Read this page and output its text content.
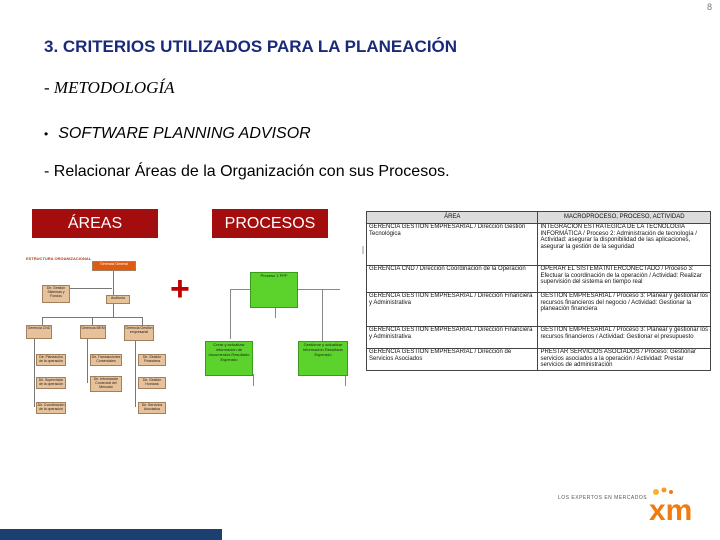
8
3. CRITERIOS UTILIZADOS PARA LA PLANEACIÓN
- METODOLOGÍA
• SOFTWARE PLANNING ADVISOR
- Relacionar Áreas de la Organización con sus Procesos.
ÁREAS	PROCESOS
ESTRUCTURA ORGANIZACIONAL
Gerencia General
Dir. Gestión Sistemas y Fondos	Auditoría
Gerencia CND	Gerencia MEM	Gerencia Gestión empresarial
Dir. Planeación de la operación
Dir. Supervisión de la operación
Dir. Coordinación de la operación
Dir. Transacciones Comerciales
Dir. Información Comercial del Mercado
Dir. Gestión Financiera
Dir. Gestión Humana
Dir. Servicios Asociados
+	Proceso 1 PPF
Crear y actualizar información de documentos Resultado Esperado
Gestionar y actualizar información Resultado Esperado
ÁREA	MACROPROCESO, PROCESO, ACTIVIDAD
GERENCIA GESTIÓN EMPRESARIAL / Dirección Gestión Tecnológica	INTEGRACIÓN ESTRATÉGICA DE LA TECNOLOGÍA INFORMÁTICA / Proceso 2: Administración de tecnología / Actividad: asegurar la disponibilidad de las aplicaciones, asegurar la gestión de la seguridad
GERENCIA CND / Dirección Coordinación de la Operación	OPERAR EL SISTEMA INTERCONECTADO / Proceso 3: Efectuar la coordinación de la operación / Actividad: Realizar supervisión del sistema en tiempo real
GERENCIA GESTIÓN EMPRESARIAL / Dirección Financiera y Administrativa	GESTIÓN EMPRESARIAL / Proceso 3: Planear y gestionar los recursos financieros del negocio / Actividad: Gestionar la planeación financiera
GERENCIA GESTIÓN EMPRESARIAL / Dirección Financiera y Administrativa	GESTIÓN EMPRESARIAL / Proceso 3: Planear y gestionar los recursos financieros / Actividad: Gestionar el presupuesto
GERENCIA GESTIÓN EMPRESARIAL / Dirección de Servicios Asociados	PRESTAR SERVICIOS ASOCIADOS / Proceso: Gestionar servicios asociados a la operación / Actividad: Prestar servicios de administración
LOS EXPERTOS EN MERCADOS xm
